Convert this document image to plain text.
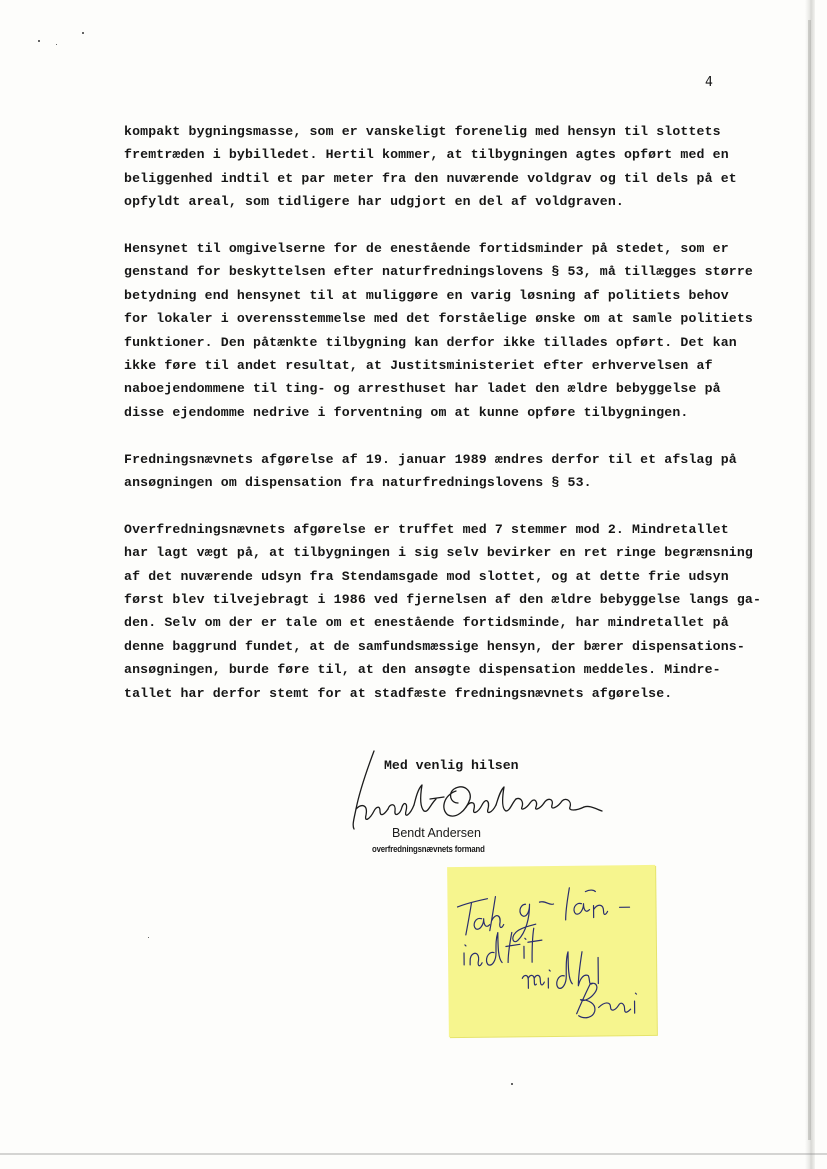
4

kompakt bygningsmasse, som er vanskeligt forenelig med hensyn til slottets
fremtræden i bybilledet. Hertil kommer, at tilbygningen agtes opført med en
beliggenhed indtil et par meter fra den nuværende voldgrav og til dels på et
opfyldt areal, som tidligere har udgjort en del af voldgraven.

Hensynet til omgivelserne for de enestående fortidsminder på stedet, som er
genstand for beskyttelsen efter naturfredningslovens § 53, må tillægges større
betydning end hensynet til at muliggøre en varig løsning af politiets behov
for lokaler i overensstemmelse med det forståelige ønske om at samle politiets
funktioner. Den påtænkte tilbygning kan derfor ikke tillades opført. Det kan
ikke føre til andet resultat, at Justitsministeriet efter erhvervelsen af
naboejendommene til ting- og arresthuset har ladet den ældre bebyggelse på
disse ejendomme nedrive i forventning om at kunne opføre tilbygningen.

Fredningsnævnets afgørelse af 19. januar 1989 ændres derfor til et afslag på
ansøgningen om dispensation fra naturfredningslovens § 53.

Overfredningsnævnets afgørelse er truffet med 7 stemmer mod 2. Mindretallet
har lagt vægt på, at tilbygningen i sig selv bevirker en ret ringe begrænsning
af det nuværende udsyn fra Stendamsgade mod slottet, og at dette frie udsyn
først blev tilvejebragt i 1986 ved fjernelsen af den ældre bebyggelse langs ga-
den. Selv om der er tale om et enestående fortidsminde, har mindretallet på
denne baggrund fundet, at de samfundsmæssige hensyn, der bærer dispensations-
ansøgningen, burde føre til, at den ansøgte dispensation meddeles. Mindre-
tallet har derfor stemt for at stadfæste fredningsnævnets afgørelse.

Med venlig hilsen
Bendt Andersen
overfredningsnævnets formand
